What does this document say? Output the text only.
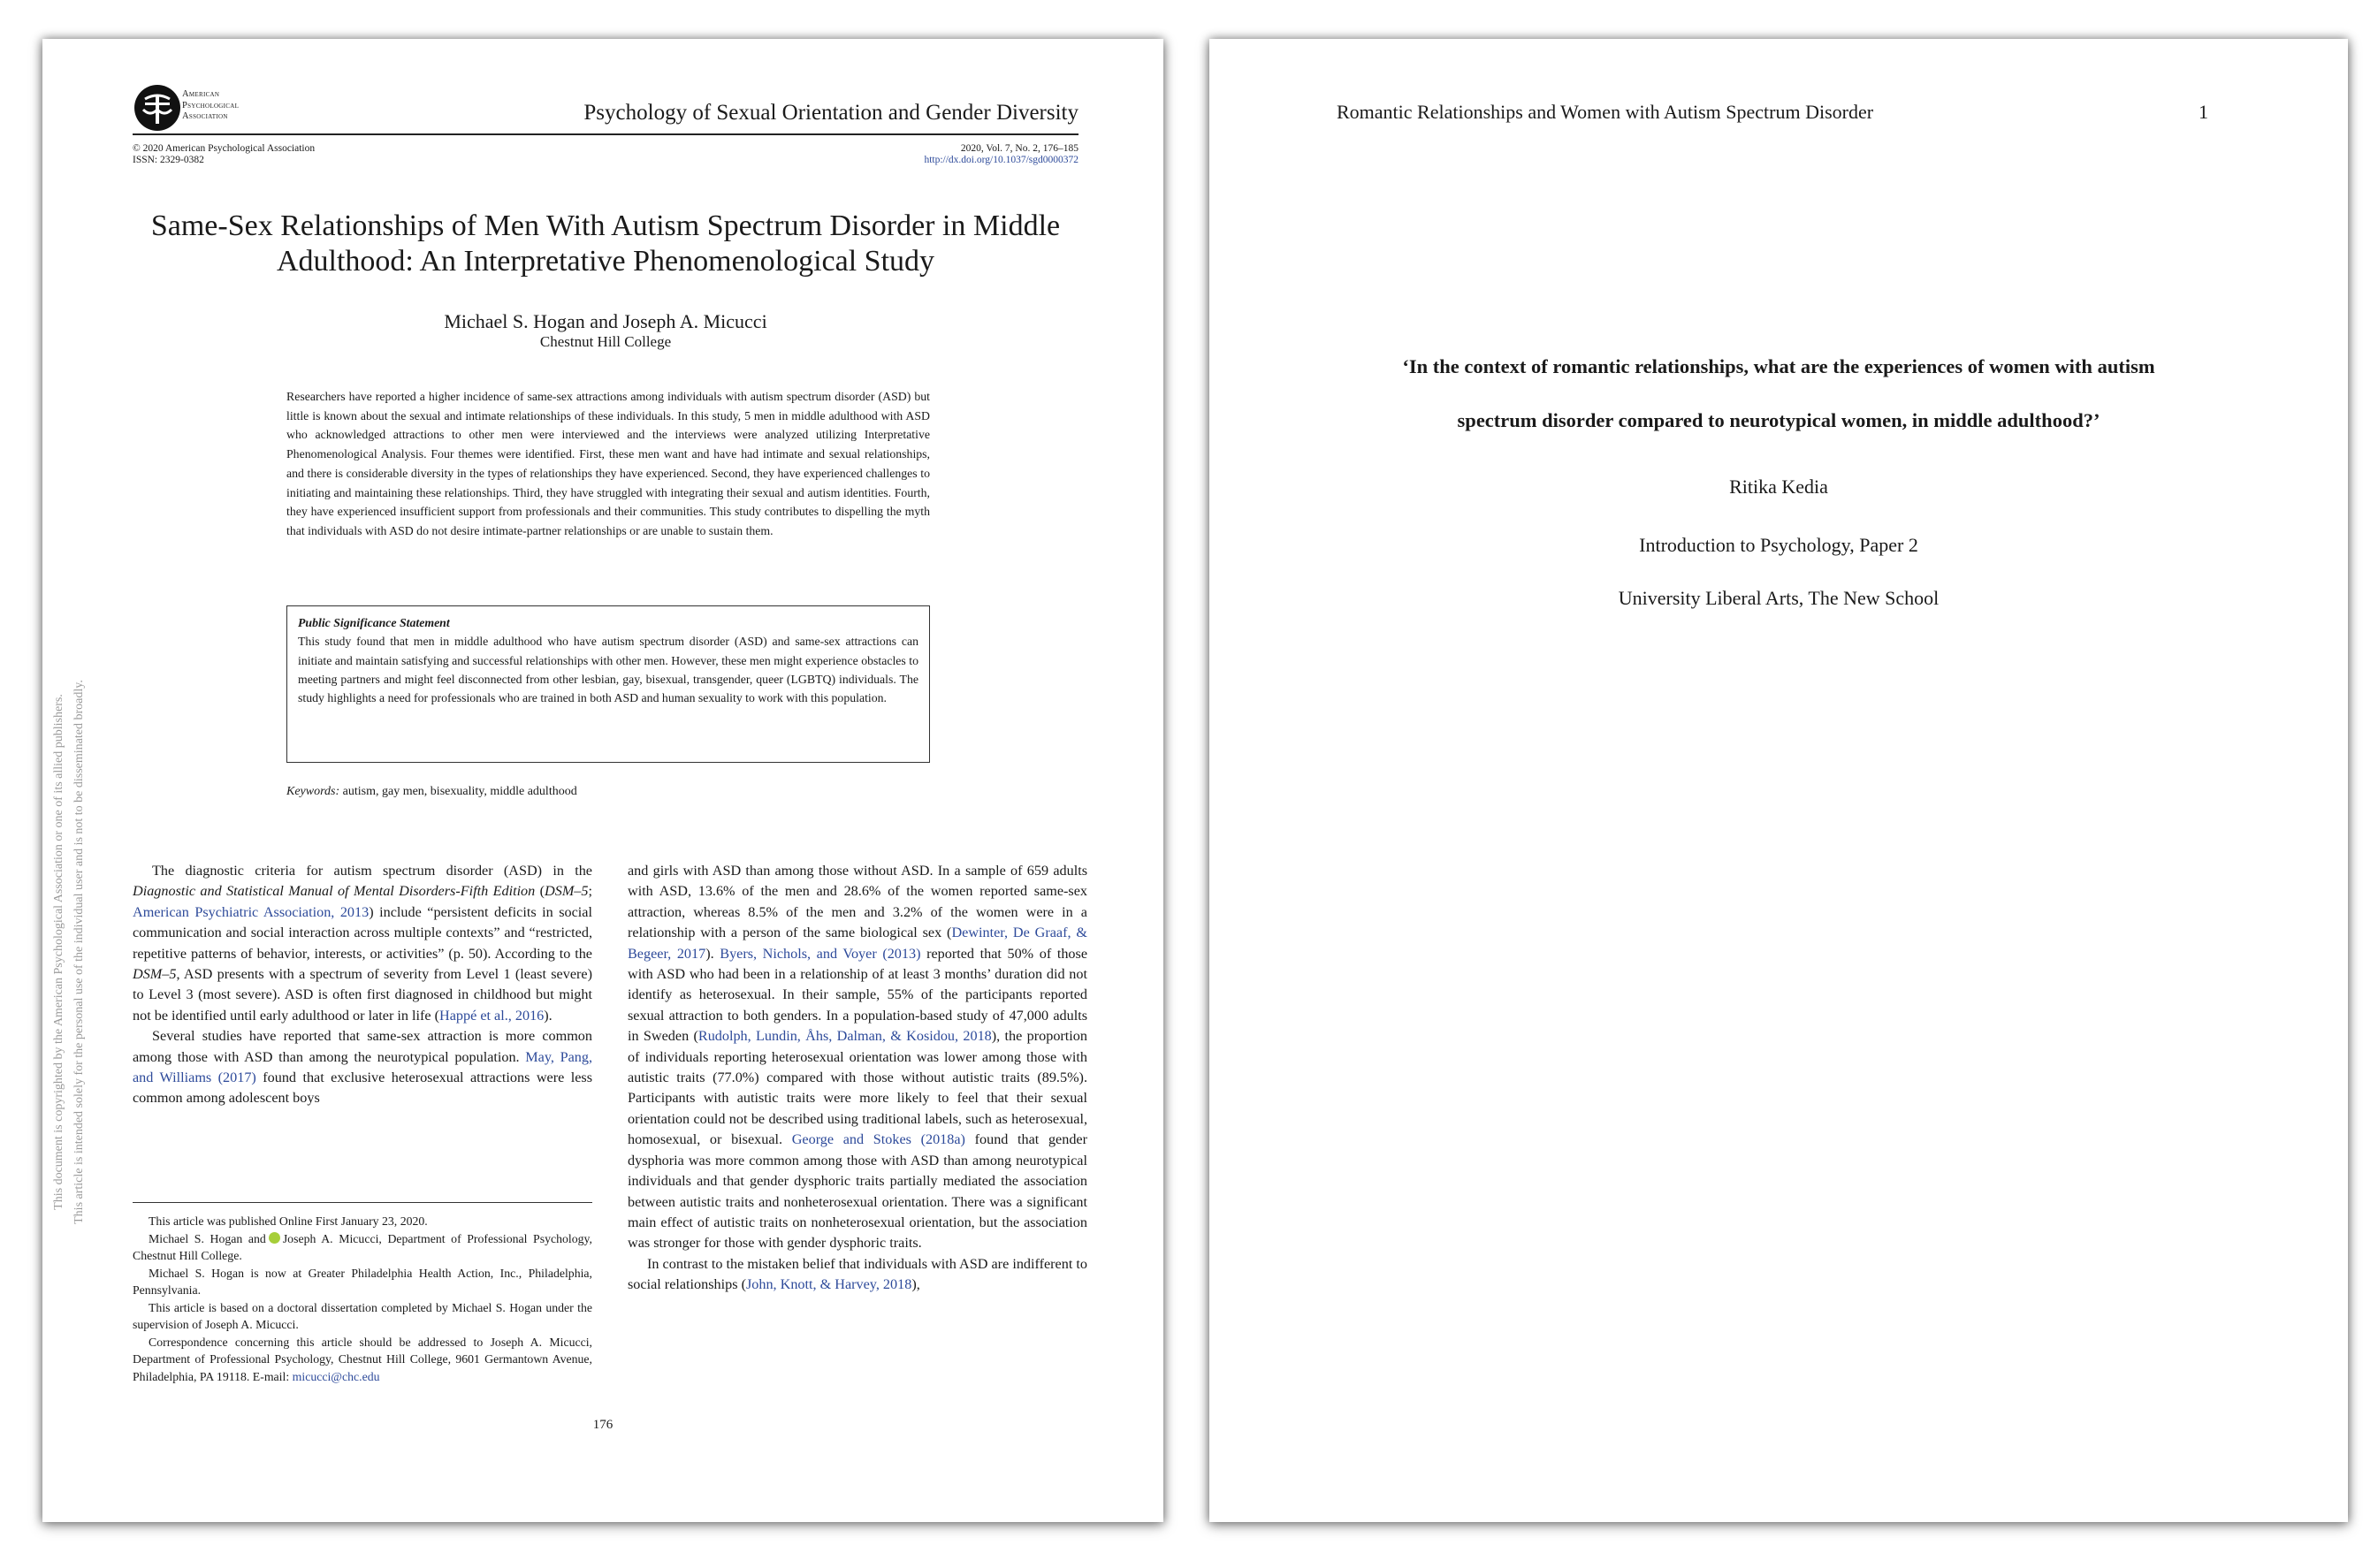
This document is copyrighted by the American Psychological Association or one of its allied publishers. This article is intended solely for the personal use of the individual user and is not to be disseminated broadly.
American
Psychological
Association	Psychology of Sexual Orientation and Gender Diversity
© 2020 American Psychological Association
ISSN: 2329-0382
2020, Vol. 7, No. 2, 176–185
http://dx.doi.org/10.1037/sgd0000372
Same-Sex Relationships of Men With Autism Spectrum Disorder in Middle Adulthood: An Interpretative Phenomenological Study
Michael S. Hogan and Joseph A. Micucci
Chestnut Hill College
Researchers have reported a higher incidence of same-sex attractions among individuals with autism spectrum disorder (ASD) but little is known about the sexual and intimate relationships of these individuals. In this study, 5 men in middle adulthood with ASD who acknowledged attractions to other men were interviewed and the interviews were analyzed utilizing Interpretative Phenomenological Analysis. Four themes were identified. First, these men want and have had intimate and sexual relationships, and there is considerable diversity in the types of relationships they have experienced. Second, they have experienced challenges to initiating and maintaining these relationships. Third, they have struggled with integrating their sexual and autism identities. Fourth, they have experienced insufficient support from professionals and their communities. This study contributes to dispelling the myth that individuals with ASD do not desire intimate-partner relationships or are unable to sustain them.
Public Significance Statement
This study found that men in middle adulthood who have autism spectrum disorder (ASD) and same-sex attractions can initiate and maintain satisfying and successful relationships with other men. However, these men might experience obstacles to meeting partners and might feel disconnected from other lesbian, gay, bisexual, transgender, queer (LGBTQ) individuals. The study highlights a need for professionals who are trained in both ASD and human sexuality to work with this population.
Keywords: autism, gay men, bisexuality, middle adulthood

The diagnostic criteria for autism spectrum disorder (ASD) in the Diagnostic and Statistical Manual of Mental Disorders-Fifth Edition (DSM–5; American Psychiatric Association, 2013) include “persistent deficits in social communication and social interaction across multiple contexts” and “restricted, repetitive patterns of behavior, interests, or activities” (p. 50). According to the DSM–5, ASD presents with a spectrum of severity from Level 1 (least severe) to Level 3 (most severe). ASD is often first diagnosed in childhood but might not be identified until early adulthood or later in life (Happé et al., 2016).

Several studies have reported that same-sex attraction is more common among those with ASD than among the neurotypical population. May, Pang, and Williams (2017) found that exclusive heterosexual attractions were less common among adolescent boys

and girls with ASD than among those without ASD. In a sample of 659 adults with ASD, 13.6% of the men and 28.6% of the women reported same-sex attraction, whereas 8.5% of the men and 3.2% of the women were in a relationship with a person of the same biological sex (Dewinter, De Graaf, & Begeer, 2017). Byers, Nichols, and Voyer (2013) reported that 50% of those with ASD who had been in a relationship of at least 3 months’ duration did not identify as heterosexual. In their sample, 55% of the participants reported sexual attraction to both genders. In a population-based study of 47,000 adults in Sweden (Rudolph, Lundin, Åhs, Dalman, & Kosidou, 2018), the proportion of individuals reporting heterosexual orientation was lower among those with autistic traits (77.0%) compared with those without autistic traits (89.5%). Participants with autistic traits were more likely to feel that their sexual orientation could not be described using traditional labels, such as heterosexual, homosexual, or bisexual. George and Stokes (2018a) found that gender dysphoria was more common among those with ASD than among neurotypical individuals and that gender dysphoric traits partially mediated the association between autistic traits and nonheterosexual orientation. There was a significant main effect of autistic traits on nonheterosexual orientation, but the association was stronger for those with gender dysphoric traits.

In contrast to the mistaken belief that individuals with ASD are indifferent to social relationships (John, Knott, & Harvey, 2018),

This article was published Online First January 23, 2020.

Michael S. Hogan and Joseph A. Micucci, Department of Professional Psychology, Chestnut Hill College.

Michael S. Hogan is now at Greater Philadelphia Health Action, Inc., Philadelphia, Pennsylvania.

This article is based on a doctoral dissertation completed by Michael S. Hogan under the supervision of Joseph A. Micucci.

Correspondence concerning this article should be addressed to Joseph A. Micucci, Department of Professional Psychology, Chestnut Hill College, 9601 Germantown Avenue, Philadelphia, PA 19118. E-mail: micucci@chc.edu

176
Romantic Relationships and Women with Autism Spectrum Disorder	1
‘In the context of romantic relationships, what are the experiences of women with autism
spectrum disorder compared to neurotypical women, in middle adulthood?’
Ritika Kedia
Introduction to Psychology, Paper 2
University Liberal Arts, The New School
